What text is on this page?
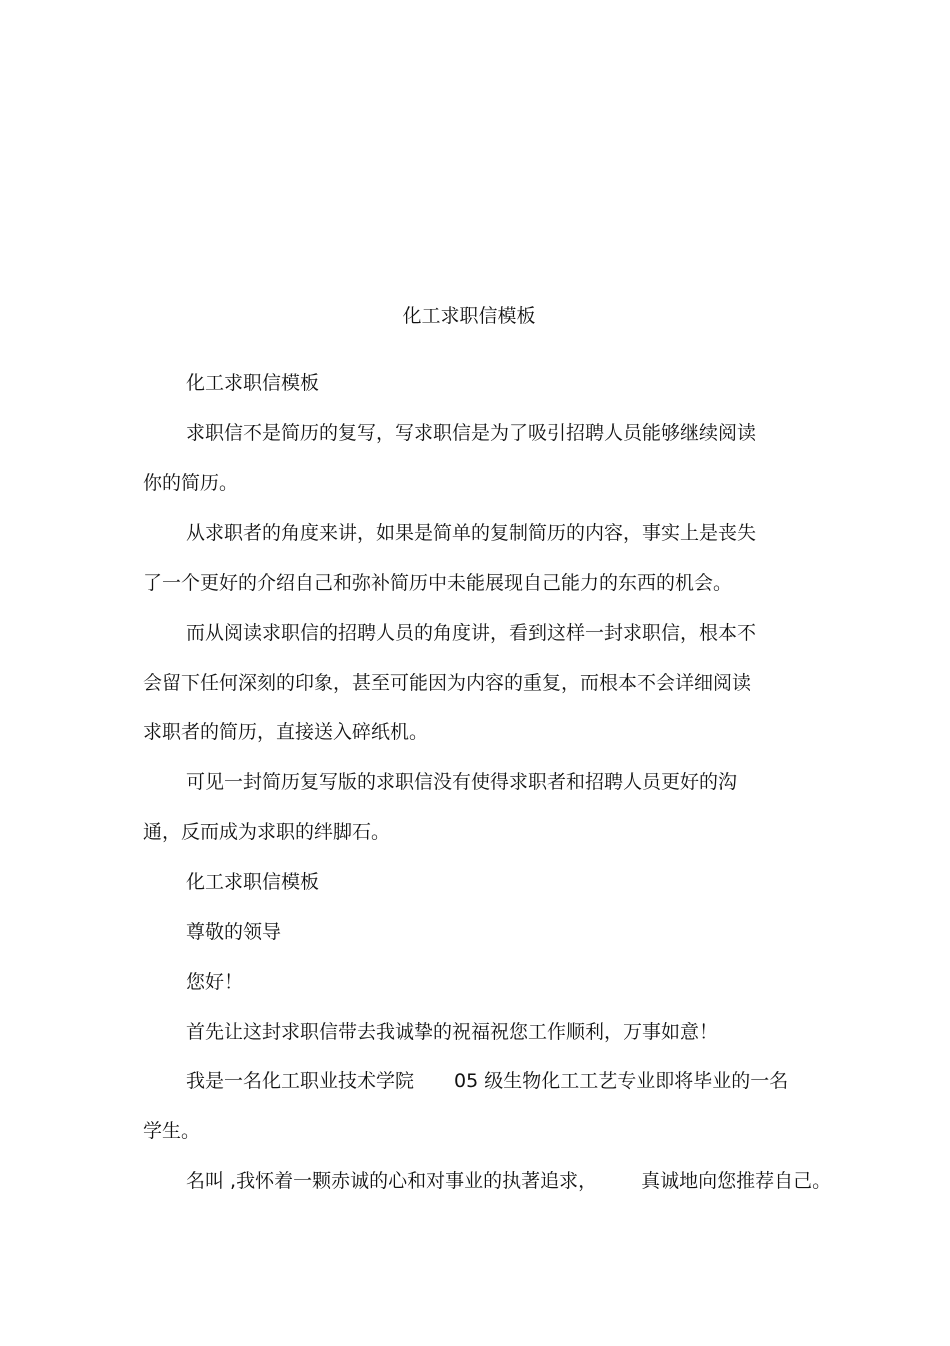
化工求职信模板
化工求职信模板
求职信不是简历的复写，写求职信是为了吸引招聘人员能够继续阅读
你的简历。
从求职者的角度来讲，如果是简单的复制简历的内容，事实上是丧失
了一个更好的介绍自己和弥补简历中未能展现自己能力的东西的机会。
而从阅读求职信的招聘人员的角度讲，看到这样一封求职信，根本不
会留下任何深刻的印象，甚至可能因为内容的重复，而根本不会详细阅读
求职者的简历，直接送入碎纸机。
可见一封简历复写版的求职信没有使得求职者和招聘人员更好的沟
通，反而成为求职的绊脚石。
化工求职信模板
尊敬的领导
您好！
首先让这封求职信带去我诚挚的祝福祝您工作顺利，万事如意！
我是一名化工职业技术学院 05 级生物化工工艺专业即将毕业的一名
学生。
名叫 ,我怀着一颗赤诚的心和对事业的执著追求， 真诚地向您推荐自己。
